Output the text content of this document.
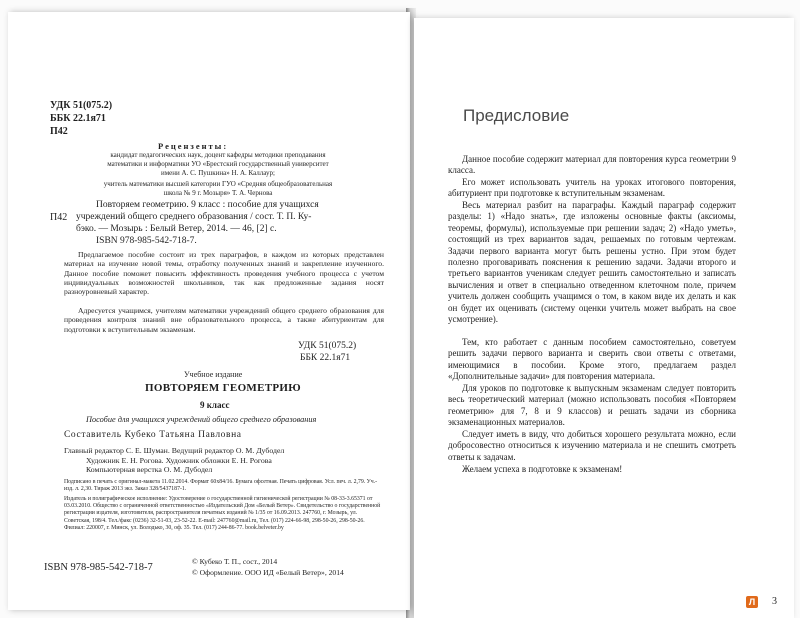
УДК 51(075.2)
ББК 22.1я71
П42
Рецензенты:
кандидат педагогических наук, доцент кафедры методики преподавания
математики и информатики УО «Брестский государственный университет
имени А. С. Пушкина» Н. А. Каллаур;
учитель математики высшей категории ГУО «Средняя общеобразовательная
школа № 9 г. Мозыря» Т. А. Чернова
Повторяем геометрию. 9 класс : пособие для учащихся
П42 учреждений общего среднего образования / сост. Т. П. Ку-
бэко. — Мозырь : Белый Ветер, 2014. — 46, [2] с.
ISBN 978-985-542-718-7.
Предлагаемое пособие состоит из трех параграфов, в каждом из которых представлен материал на изучение новой темы, отработку полученных знаний и закрепление изученного. Данное пособие поможет повысить эффективность проведения учебного процесса с учетом индивидуальных возможностей школьников, так как предложенные задания носят разноуровневый характер.
Адресуется учащимся, учителям математики учреждений общего среднего образования для проведения контроля знаний вне образовательного процесса, а также абитуриентам для подготовки к вступительным экзаменам.
УДК 51(075.2)
ББК 22.1я71
Учебное издание
ПОВТОРЯЕМ ГЕОМЕТРИЮ
9 класс
Пособие для учащихся учреждений общего среднего образования
Составитель Кубеко Татьяна Павловна
Главный редактор С. Е. Шуман. Ведущий редактор О. М. Дубодел
Художник Е. Н. Рогова. Художник обложки Е. Н. Рогова
Компьютерная верстка О. М. Дубодел
Подписано в печать с оригинал-макета 11.02.2014. Формат 60х84/16. Бумага офсетная. Печать цифровая. Усл. печ. л. 2,79. Уч.-изд. л. 2,30. Тираж 2013 экз. Заказ 328/5437187-1.
Издатель и полиграфическое исполнение: Удостоверение о государственной гигиенической регистрации № 08-33-3.65371 от 03.03.2010. Общество с ограниченной ответственностью «Издательский Дом «Белый Ветер». Свидетельство о государственной регистрации издателя, изготовителя, распространителя печатных изданий № 1/35 от 16.09.2013. 247760, г. Мозырь, ул. Советская, 198/4. Тел./факс (0236) 32-51-03, 23-52-22. Е-mail: 247760@mail.ru, Тел. (017) 224-66-98, 298-50-26, 298-50-26. Филиал: 220007, г. Минск, ул. Володько, 30, оф. 35. Тел. (017) 244-86-77. book.belveter.by
ISBN 978-985-542-718-7
© Кубеко Т. П., сост., 2014
© Оформление. ООО ИД «Белый Ветер», 2014
Предисловие
Данное пособие содержит материал для повторения курса геометрии 9 класса.
Его может использовать учитель на уроках итогового повторения, абитуриент при подготовке к вступительным экзаменам.
Весь материал разбит на параграфы. Каждый параграф содержит разделы: 1) «Надо знать», где изложены основные факты (аксиомы, теоремы, формулы), используемые при решении задач; 2) «Надо уметь», состоящий из трех вариантов задач, решаемых по готовым чертежам. Задачи первого варианта могут быть решены устно. При этом будет полезно проговаривать пояснения к решению задачи. Задачи второго и третьего вариантов ученикам следует решить самостоятельно и записать вычисления и ответ в специально отведенном клеточном поле, причем учитель должен сообщить учащимся о том, в каком виде их делать и как он будет их оценивать (систему оценки учитель может выбрать на свое усмотрение).
Тем, кто работает с данным пособием самостоятельно, советуем решить задачи первого варианта и сверить свои ответы с ответами, имеющимися в пособии. Кроме этого, предлагаем раздел «Дополнительные задачи» для повторения материала.
Для уроков по подготовке к выпускным экзаменам следует повторить весь теоретический материал (можно использовать пособия «Повторяем геометрию» для 7, 8 и 9 классов) и решать задачи из сборника экзаменационных материалов.
Следует иметь в виду, что добиться хорошего результата можно, если добросовестно относиться к изучению материала и не спешить смотреть ответы к задачам.
Желаем успеха в подготовке к экзаменам!
Л 3
